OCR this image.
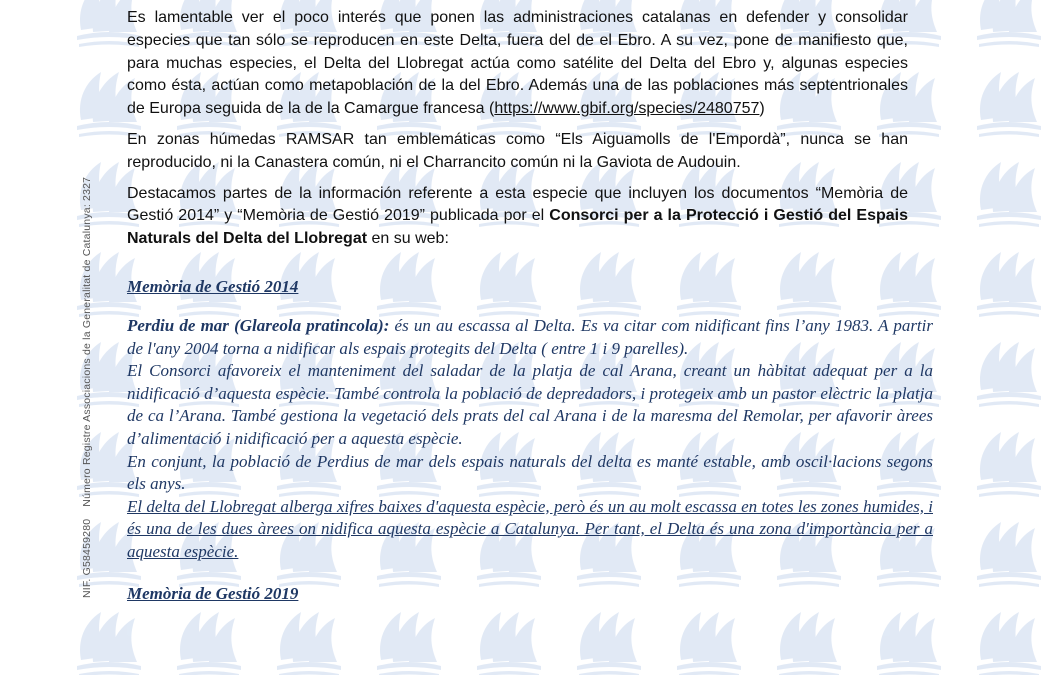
NIF. G58459280Número Registre Associacions de la Generalitat de Catalunya: 2327

Es lamentable ver el poco interés que ponen las administraciones catalanas en defender y consolidar especies que tan sólo se reproducen en este Delta, fuera del de el Ebro. A su vez, pone de manifiesto que, para muchas especies, el Delta del Llobregat actúa como satélite del Delta del Ebro y, algunas especies como ésta, actúan como metapoblación de la del Ebro. Además una de las poblaciones más septentrionales de Europa seguida de la de la Camargue francesa (https://www.gbif.org/species/2480757)

En zonas húmedas RAMSAR tan emblemáticas como “Els Aiguamolls de l'Empordà”, nunca se han reproducido, ni la Canastera común, ni el Charrancito común ni la Gaviota de Audouin.

Destacamos partes de la información referente a esta especie que incluyen los documentos “Memòria de Gestió 2014” y “Memòria de Gestió 2019” publicada por el Consorci per a la Protecció i Gestió del Espais Naturals del Delta del Llobregat en su web:

Memòria de Gestió 2014
Perdiu de mar (Glareola pratincola): és un au escassa al Delta. Es va citar com nidificant fins l’any 1983. A partir de l'any 2004 torna a nidificar als espais protegits del Delta ( entre 1 i 9 parelles).
El Consorci afavoreix el manteniment del saladar de la platja de cal Arana, creant un hàbitat adequat per a la nidificació d’aquesta espècie. També controla la població de depredadors, i protegeix amb un pastor elèctric la platja de ca l’Arana. També gestiona la vegetació dels prats del cal Arana i de la maresma del Remolar, per afavorir àrees d’alimentació i nidificació per a aquesta espècie.
En conjunt, la població de Perdius de mar dels espais naturals del delta es manté estable, amb oscil·lacions segons els anys.
El delta del Llobregat alberga xifres baixes d'aquesta espècie, però és un au molt escassa en totes les zones humides, i és una de les dues àrees on nidifica aquesta espècie a Catalunya. Per tant, el Delta és una zona d'importància per a aquesta espècie.
Memòria de Gestió 2019
